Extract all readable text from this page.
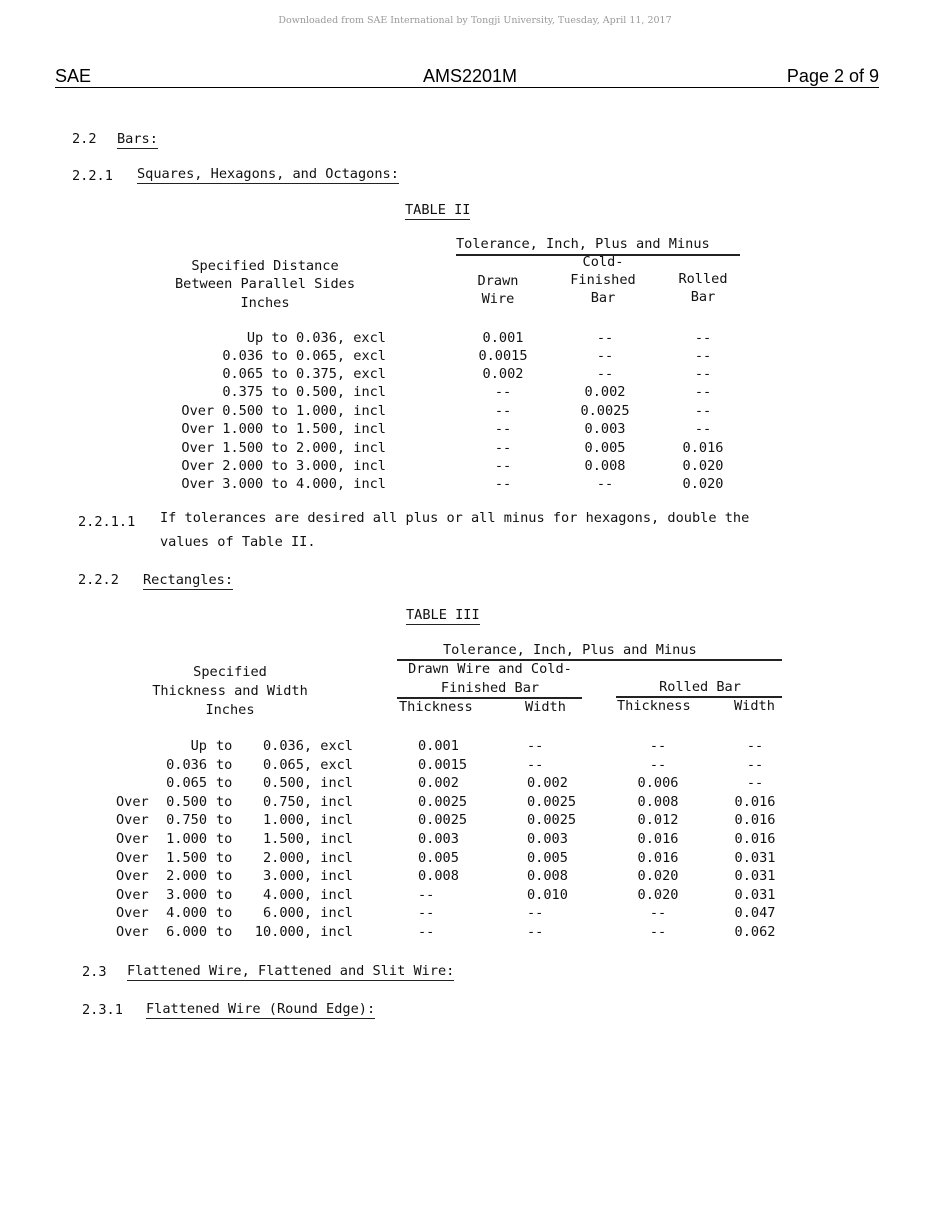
Downloaded from SAE International by Tongji University, Tuesday, April 11, 2017
SAE	AMS2201M	Page 2 of 9
2.2 Bars:
2.2.1 Squares, Hexagons, and Octagons:
TABLE II
Tolerance, Inch, Plus and Minus
Specified Distance
Between Parallel Sides
Inches
Drawn
Wire
Cold-
Finished
Bar
Rolled
Bar
Up to 0.036, excl	0.001	--	--
0.036 to 0.065, excl	0.0015	--	--
0.065 to 0.375, excl	0.002	--	--
0.375 to 0.500, incl	--	0.002	--
Over 0.500 to 1.000, incl	--	0.0025	--
Over 1.000 to 1.500, incl	--	0.003	--
Over 1.500 to 2.000, incl	--	0.005	0.016
Over 2.000 to 3.000, incl	--	0.008	0.020
Over 3.000 to 4.000, incl	--	--	0.020
2.2.1.1 If tolerances are desired all plus or all minus for hexagons, double the
values of Table II.
2.2.2 Rectangles:
TABLE III
Tolerance, Inch, Plus and Minus
Specified
Thickness and Width
Inches
Drawn Wire and Cold-
Finished Bar	Rolled Bar
Thickness	Width	Thickness	Width
Up to	0.036, excl	0.001	--	--	--
0.036 to	0.065, excl	0.0015	--	--	--
0.065 to	0.500, incl	0.002	0.002	0.006	--
Over	0.500 to	0.750, incl	0.0025	0.0025	0.008	0.016
Over	0.750 to	1.000, incl	0.0025	0.0025	0.012	0.016
Over	1.000 to	1.500, incl	0.003	0.003	0.016	0.016
Over	1.500 to	2.000, incl	0.005	0.005	0.016	0.031
Over	2.000 to	3.000, incl	0.008	0.008	0.020	0.031
Over	3.000 to	4.000, incl	--	0.010	0.020	0.031
Over	4.000 to	6.000, incl	--	--	--	0.047
Over	6.000 to	10.000, incl	--	--	--	0.062
2.3 Flattened Wire, Flattened and Slit Wire:
2.3.1 Flattened Wire (Round Edge):
